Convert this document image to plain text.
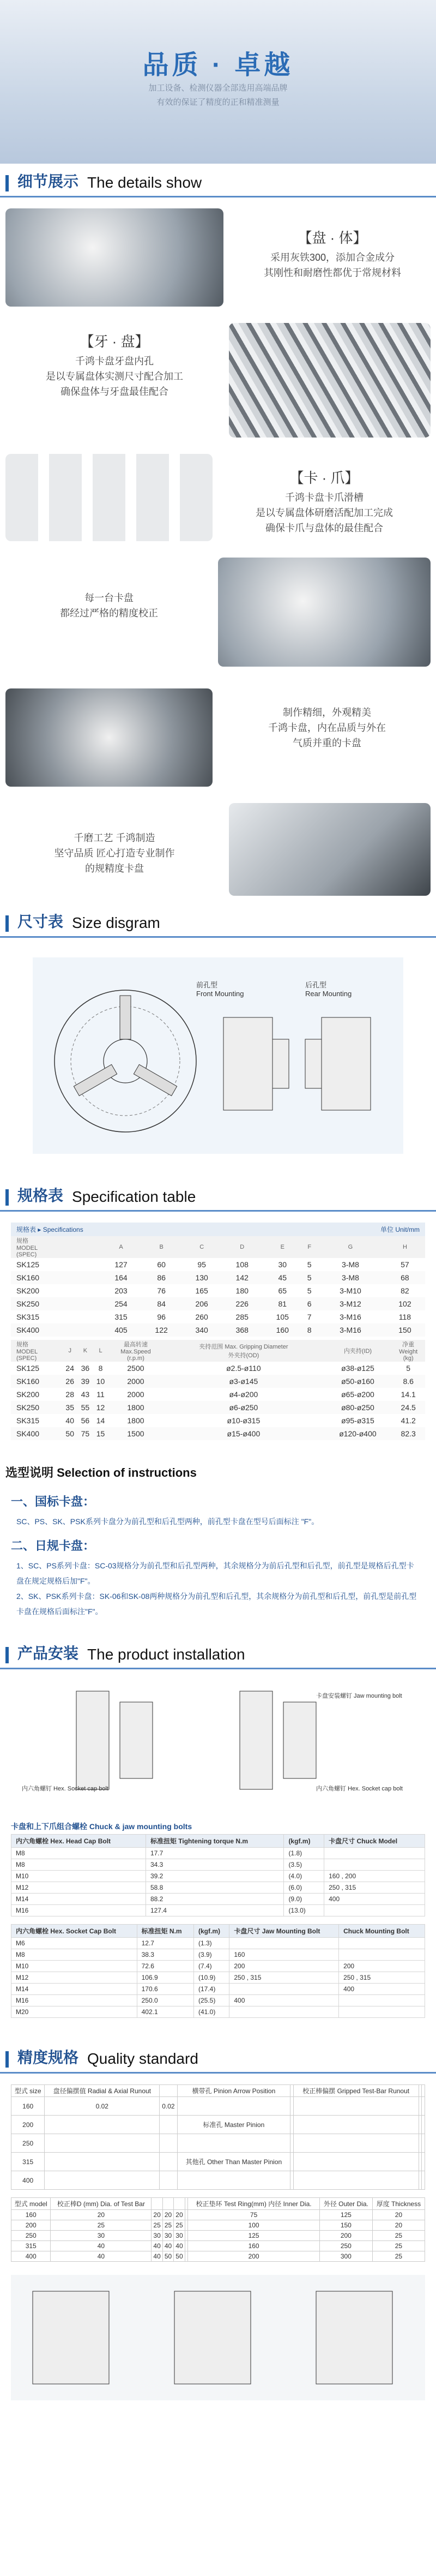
品质 · 卓越

加工设备、检测仪器全部选用高端品牌

有效的保证了精度的正和精准测量

细节展示 The details show
【盘 · 体】
采用灰铁300，添加合金成分
其刚性和耐磨性都优于常规材料
【牙 · 盘】
千鸿卡盘牙盘内孔
是以专属盘体实测尺寸配合加工
确保盘体与牙盘最佳配合
【卡 · 爪】
千鸿卡盘卡爪滑槽
是以专属盘体研磨活配加工完成
确保卡爪与盘体的最佳配合
每一台卡盘
都经过严格的精度校正
制作精细，外观精美
千鸿卡盘，内在品质与外在
气质并重的卡盘
千磨工艺 千鸿制造
坚守品质 匠心打造专业制作
的规精度卡盘
尺寸表 Size disgram
前孔型
Front Mounting
后孔型
Rear Mounting
规格表 Specification table
规格表 ▸ Specifications	单位 Unit/mm
规格
MODEL
(SPEC)	A	B	C	D	E	F	G	H
SK125	127	60	95	108	30	5	3-M8	57
SK160	164	86	130	142	45	5	3-M8	68
SK200	203	76	165	180	65	5	3-M10	82
SK250	254	84	206	226	81	6	3-M12	102
SK315	315	96	260	285	105	7	3-M16	118
SK400	405	122	340	368	160	8	3-M16	150
规格
MODEL
(SPEC)	J	K	L	最高转速
Max.Speed
(r.p.m)	夹持范围 Max. Gripping Diameter
外夹持(OD)	内夹持(ID)	净重
Weight
(kg)
SK125	24	36	8	2500	ø2.5-ø110	ø38-ø125	5
SK160	26	39	10	2000	ø3-ø145	ø50-ø160	8.6
SK200	28	43	11	2000	ø4-ø200	ø65-ø200	14.1
SK250	35	55	12	1800	ø6-ø250	ø80-ø250	24.5
SK315	40	56	14	1800	ø10-ø315	ø95-ø315	41.2
SK400	50	75	15	1500	ø15-ø400	ø120-ø400	82.3
选型说明 Selection of instructions
一、国标卡盘：

SC、PS、SK、PSK系列卡盘分为前孔型和后孔型两种，前孔型卡盘在型号后面标注 "F"。

二、日规卡盘：

1、SC、PS系列卡盘：SC-03规格分为前孔型和后孔型两种，其余规格分为前后孔型和后孔型，前孔型是规格后孔型卡盘在规定规格后加"F"。

2、SK、PSK系列卡盘：SK-06和SK-08两种规格分为前孔型和后孔型，其余规格分为前孔型和后孔型，前孔型是前孔型卡盘在规格后面标注"F"。

产品安装 The product installation
内六角螺钉 Hex. Socket cap bolt
卡盘安装螺钉 Jaw mounting bolt
内六角螺钉 Hex. Socket cap bolt
卡盘和上下爪组合螺栓 Chuck & jaw mounting bolts
内六角螺栓 Hex. Head Cap Bolt	标准扭矩 Tightening torque N.m	(kgf.m)	卡盘尺寸 Chuck Model
M8	17.7	(1.8)	
M8	34.3	(3.5)	
M10	39.2	(4.0)	160 , 200
M12	58.8	(6.0)	250 , 315
M14	88.2	(9.0)	400
M16	127.4	(13.0)	
内六角螺栓 Hex. Socket Cap Bolt	标准扭矩 N.m	(kgf.m)	卡盘尺寸 Jaw Mounting Bolt	Chuck Mounting Bolt
M6	12.7	(1.3)		
M8	38.3	(3.9)	160	
M10	72.6	(7.4)	200	200
M12	106.9	(10.9)	250 , 315	250 , 315
M14	170.6	(17.4)		400
M16	250.0	(25.5)	400	
M20	402.1	(41.0)		
精度规格 Quality standard
型式 size	盘径偏摆值 Radial & Axial Runout		横带孔 Pinion Arrow Position		校正棒偏摆 Gripped Test-Bar Runout		
160	0.02	0.02					
200			标准孔 Master Pinion				
250							
315			其他孔 Other Than Master Pinion				
400							
型式 model	校正棒D (mm) Dia. of Test Bar					校正垫环 Test Ring(mm) 内径 Inner Dia.	外径 Outer Dia.	厚度 Thickness
160	20	20	20	20		75	125	20
200	25	25	25	25		100	150	20
250	30	30	30	30		125	200	25
315	40	40	40	40		160	250	25
400	40	40	50	50		200	300	25
